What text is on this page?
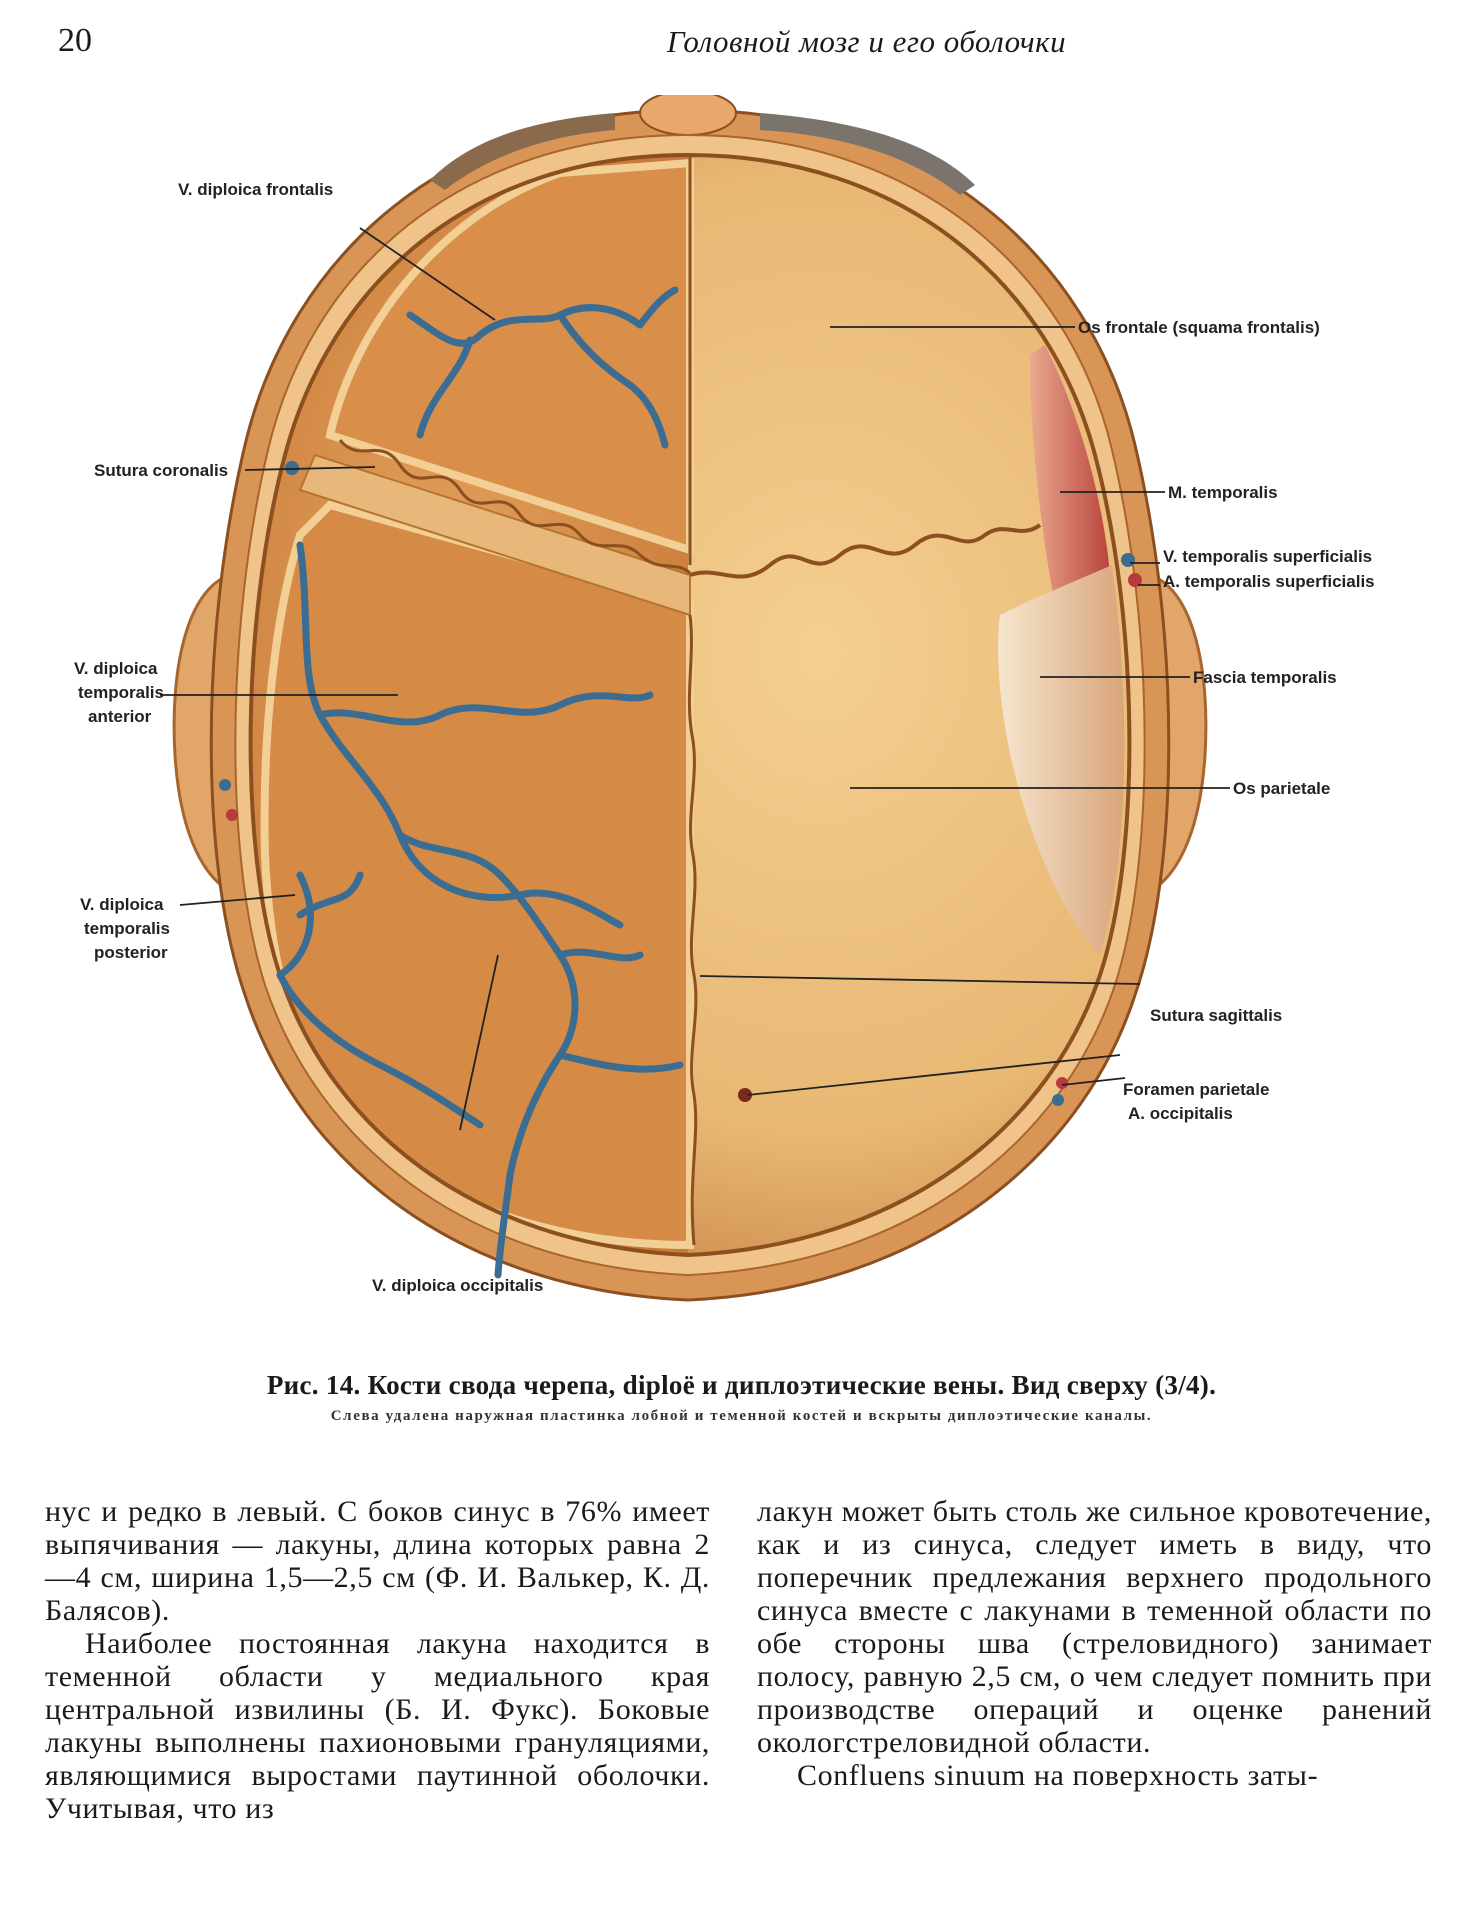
20	Головной мозг и его оболочки
V. diploica frontalis
Sutura coronalis
V. diploica
temporalis
anterior
V. diploica
temporalis
posterior
V. diploica occipitalis
Os frontale (squama frontalis)
M. temporalis
V. temporalis superficialis
A. temporalis superficialis
Fascia temporalis
Os parietale
Sutura sagittalis
Foramen parietale
A. occipitalis
Рис. 14. Кости свода черепа, diploё и диплоэтические вены. Вид сверху (3/4).
Слева удалена наружная пластинка лобной и теменной костей и вскрыты диплоэтические каналы.

нус и редко в левый. С боков синус в 76% имеет выпячивания — лакуны, длина которых равна 2—4 см, ширина 1,5—2,5 см (Ф. И. Валькер, К. Д. Балясов).

Наиболее постоянная лакуна находится в теменной области у медиального края центральной извилины (Б. И. Фукс). Боковые лакуны выполнены пахионовыми грануляциями, являющимися выростами паутинной оболочки. Учитывая, что из

лакун может быть столь же сильное кровотечение, как и из синуса, следует иметь в виду, что поперечник предлежания верхнего продольного синуса вместе с лакунами в теменной области по обе стороны шва (стреловидного) занимает полосу, равную 2,5 см, о чем следует помнить при производстве операций и оценке ранений окологстреловидной области.

Confluens sinuum на поверхность заты-
